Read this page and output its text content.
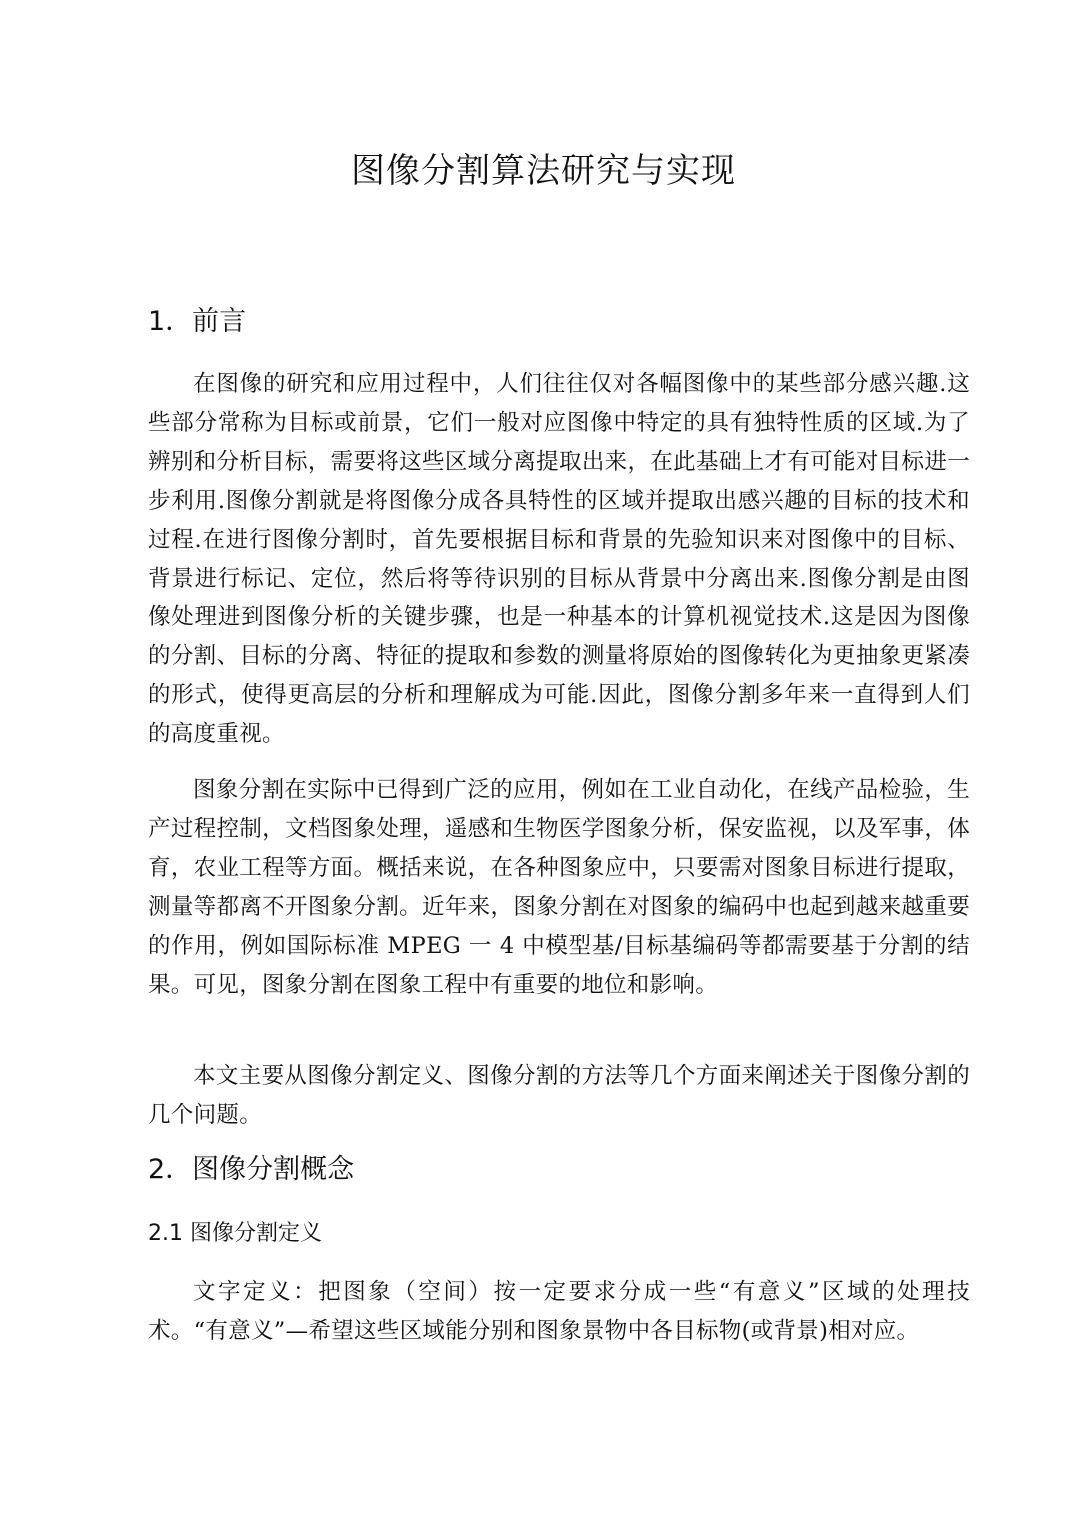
图像分割算法研究与实现
1．前言

在图像的研究和应用过程中，人们往往仅对各幅图像中的某些部分感兴趣.这些部分常称为目标或前景，它们一般对应图像中特定的具有独特性质的区域.为了辨别和分析目标，需要将这些区域分离提取出来，在此基础上才有可能对目标进一步利用.图像分割就是将图像分成各具特性的区域并提取出感兴趣的目标的技术和过程.在进行图像分割时，首先要根据目标和背景的先验知识来对图像中的目标、背景进行标记、定位，然后将等待识别的目标从背景中分离出来.图像分割是由图像处理进到图像分析的关键步骤，也是一种基本的计算机视觉技术.这是因为图像的分割、目标的分离、特征的提取和参数的测量将原始的图像转化为更抽象更紧凑的形式，使得更高层的分析和理解成为可能.因此，图像分割多年来一直得到人们的高度重视。

图象分割在实际中已得到广泛的应用，例如在工业自动化，在线产品检验，生产过程控制，文档图象处理，遥感和生物医学图象分析，保安监视，以及军事，体育，农业工程等方面。概括来说，在各种图象应中，只要需对图象目标进行提取，测量等都离不开图象分割。近年来，图象分割在对图象的编码中也起到越来越重要的作用，例如国际标准 MPEG 一 4 中模型基/目标基编码等都需要基于分割的结果。可见，图象分割在图象工程中有重要的地位和影响。

本文主要从图像分割定义、图像分割的方法等几个方面来阐述关于图像分割的几个问题。

2．图像分割概念
2.1 图像分割定义

文字定义：把图象（空间）按一定要求分成一些“有意义”区域的处理技术。“有意义”—希望这些区域能分别和图象景物中各目标物(或背景)相对应。
